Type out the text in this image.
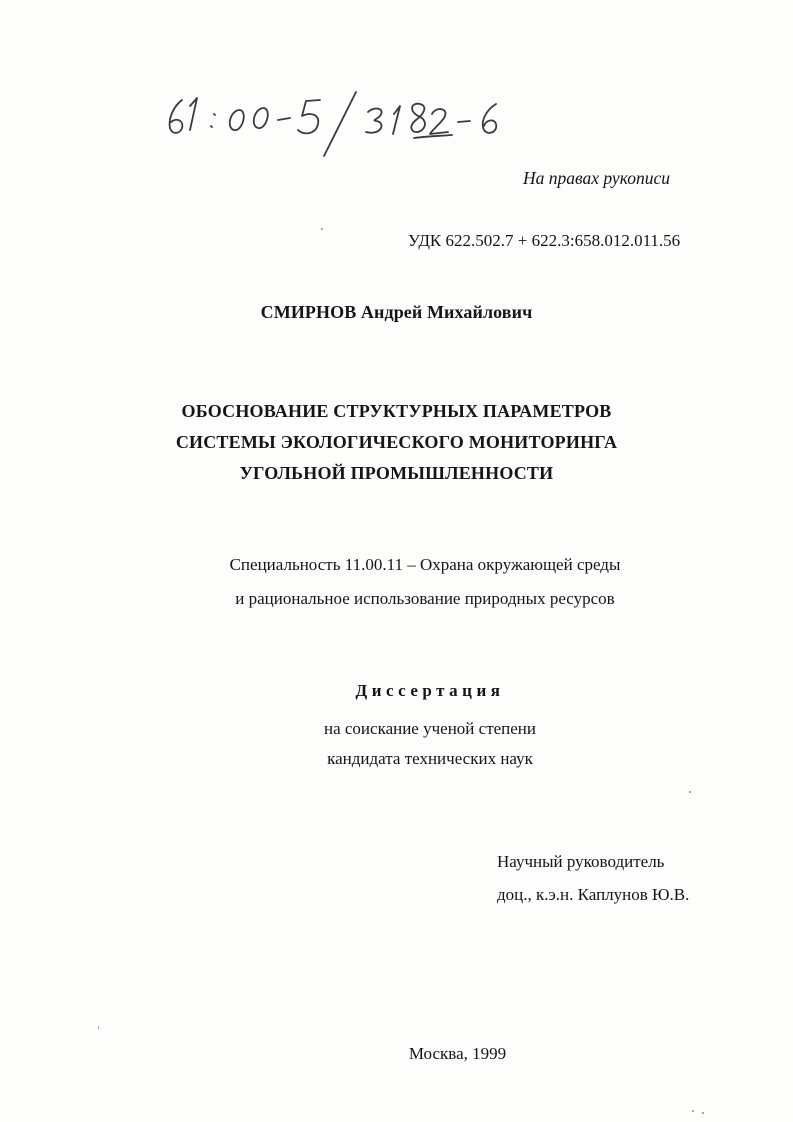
На правах рукописи
УДК 622.502.7 + 622.3:658.012.011.56
СМИРНОВ Андрей Михайлович
ОБОСНОВАНИЕ СТРУКТУРНЫХ ПАРАМЕТРОВ
СИСТЕМЫ ЭКОЛОГИЧЕСКОГО МОНИТОРИНГА
УГОЛЬНОЙ ПРОМЫШЛЕННОСТИ
Специальность 11.00.11 – Охрана окружающей среды
и рациональное использование природных ресурсов
Диссертация
на соискание ученой степени
кандидата технических наук
Научный руководитель
доц., к.э.н. Каплунов Ю.В.
Москва, 1999
